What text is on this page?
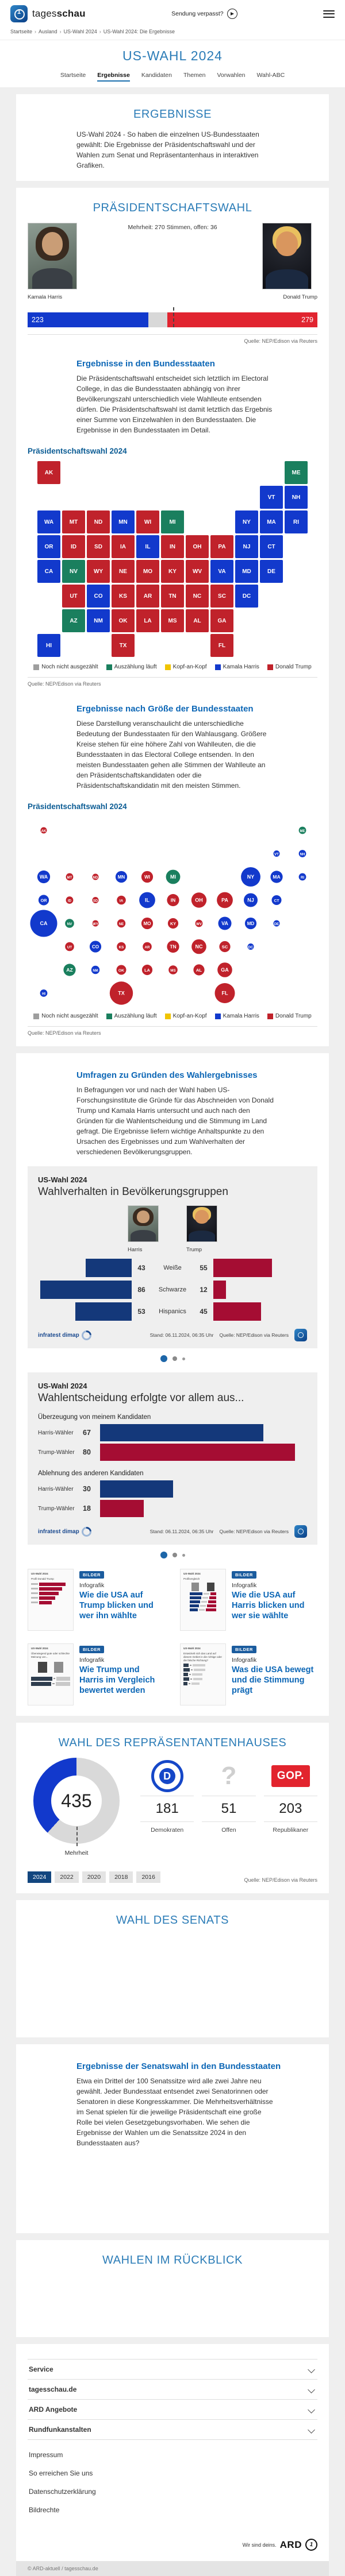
1	tagesschau	Sendung verpasst?
Startseite › Ausland › US-Wahl 2024 › US-Wahl 2024: Die Ergebnisse
US-WAHL 2024
Startseite Ergebnisse Kandidaten Themen Vorwahlen Wahl-ABC
ERGEBNISSE

US-Wahl 2024 - So haben die einzelnen US-Bundesstaaten gewählt: Die Ergebnisse der Präsidentschaftswahl und der Wahlen zum Senat und Repräsentantenhaus in interaktiven Grafiken.

PRÄSIDENTSCHAFTSWAHL
Kamala Harris
Mehrheit: 270 Stimmen, offen: 36
Donald Trump
223	279
Quelle: NEP/Edison via Reuters
Ergebnisse in den Bundesstaaten

Die Präsidentschaftswahl entscheidet sich letztlich im Electoral College, in das die Bundesstaaten abhängig von ihrer Bevölkerungszahl unterschiedlich viele Wahlleute entsenden dürfen. Die Präsidentschaftswahl ist damit letztlich das Ergebnis einer Summe von Einzelwahlen in den Bundesstaaten. Die Ergebnisse in den Bundesstaaten im Detail.

Präsidentschaftswahl 2024
AK	ME
VT	NH
WA	MT	ND	MN	WI	MI	NY	MA	RI
OR	ID	SD	IA	IL	IN	OH	PA	NJ	CT
CA	NV	WY	NE	MO	KY	WV	VA	MD	DE
UT	CO	KS	AR	TN	NC	SC	DC
AZ	NM	OK	LA	MS	AL	GA
HI	TX	FL
Noch nicht ausgezählt	Auszählung läuft	Kopf-an-Kopf	Kamala Harris	Donald Trump
Quelle: NEP/Edison via Reuters
Ergebnisse nach Größe der Bundesstaaten

Diese Darstellung veranschaulicht die unterschiedliche Bedeutung der Bundesstaaten für den Wahlausgang. Größere Kreise stehen für eine höhere Zahl von Wahlleuten, die die Bundesstaaten in das Electoral College entsenden. In den meisten Bundesstaaten gehen alle Stimmen der Wahlleute an den Präsidentschaftskandidaten oder die Präsidentschaftskandidatin mit den meisten Stimmen.

Präsidentschaftswahl 2024
AK	ME
VT	NH
WA	MT	ND	MN	WI	MI	NY	MA	RI
OR	ID	SD	IA	IL	IN	OH	PA	NJ	CT
CA	NV	WY	NE	MO	KY	WV	VA	MD	DE
UT	CO	KS	AR	TN	NC	SC	DC
AZ	NM	OK	LA	MS	AL	GA
HI	TX	FL
Noch nicht ausgezählt	Auszählung läuft	Kopf-an-Kopf	Kamala Harris	Donald Trump
Quelle: NEP/Edison via Reuters
Umfragen zu Gründen des Wahlergebnisses

In Befragungen vor und nach der Wahl haben US-Forschungsinstitute die Gründe für das Abschneiden von Donald Trump und Kamala Harris untersucht und auch nach den Gründen für die Wahlentscheidung und die Stimmung im Land gefragt. Die Ergebnisse liefern wichtige Anhaltspunkte zu den Ursachen des Ergebnisses und zum Wahlverhalten der verschiedenen Bevölkerungsgruppen.

US-Wahl 2024
Wahlverhalten in Bevölkerungsgruppen
Harris	Trump
43	Weiße	55
86	Schwarze	12
53	Hispanics	45
infratest dimap	Stand: 06.11.2024, 06:35 Uhr Quelle: NEP/Edison via Reuters
US-Wahl 2024
Wahlentscheidung erfolgte vor allem aus...
Überzeugung von meinem Kandidaten
Harris-Wähler	67
Trump-Wähler	80
Ablehnung des anderen Kandidaten
Harris-Wähler	30
Trump-Wähler	18
infratest dimap	Stand: 06.11.2024, 06:35 Uhr Quelle: NEP/Edison via Reuters
US-Wahl 2024
Profil Donald Trump
BILDER
Infografik
Wie die USA auf Trump blicken und wer ihn wählte
US-Wahl 2024
Profilvergleich
BILDER
Infografik
Wie die USA auf Harris blicken und wer sie wählte
US-Wahl 2024
Überwiegend gute oder schlechte Meinung von...
BILDER
Infografik
Wie Trump und Harris im Vergleich bewertet werden
US-Wahl 2024
Entwickelt sich das Land auf diesem Gebiet in die richtige oder die falsche Richtung?
BILDER
Infografik
Was die USA bewegt und die Stimmung prägt
WAHL DES REPRÄSENTANTENHAUSES
435
Mehrheit
D
181
Demokraten
?
51
Offen
GOP.
203
Republikaner
2024	2022	2020	2018	2016	Quelle: NEP/Edison via Reuters
WAHL DES SENATS
Ergebnisse der Senatswahl in den Bundesstaaten

Etwa ein Drittel der 100 Senatssitze wird alle zwei Jahre neu gewählt. Jeder Bundesstaat entsendet zwei Senatorinnen oder Senatoren in diese Kongresskammer. Die Mehrheitsverhältnisse im Senat spielen für die jeweilige Präsidentschaft eine große Rolle bei vielen Gesetzgebungsvorhaben. Wie sehen die Ergebnisse der Wahlen um die Senatssitze 2024 in den Bundesstaaten aus?

WAHLEN IM RÜCKBLICK
Service
tagesschau.de
ARD Angebote
Rundfunkanstalten
Impressum
So erreichen Sie uns
Datenschutzerklärung
Bildrechte
Wir sind deins. ARD	1
© ARD-aktuell / tagesschau.de
